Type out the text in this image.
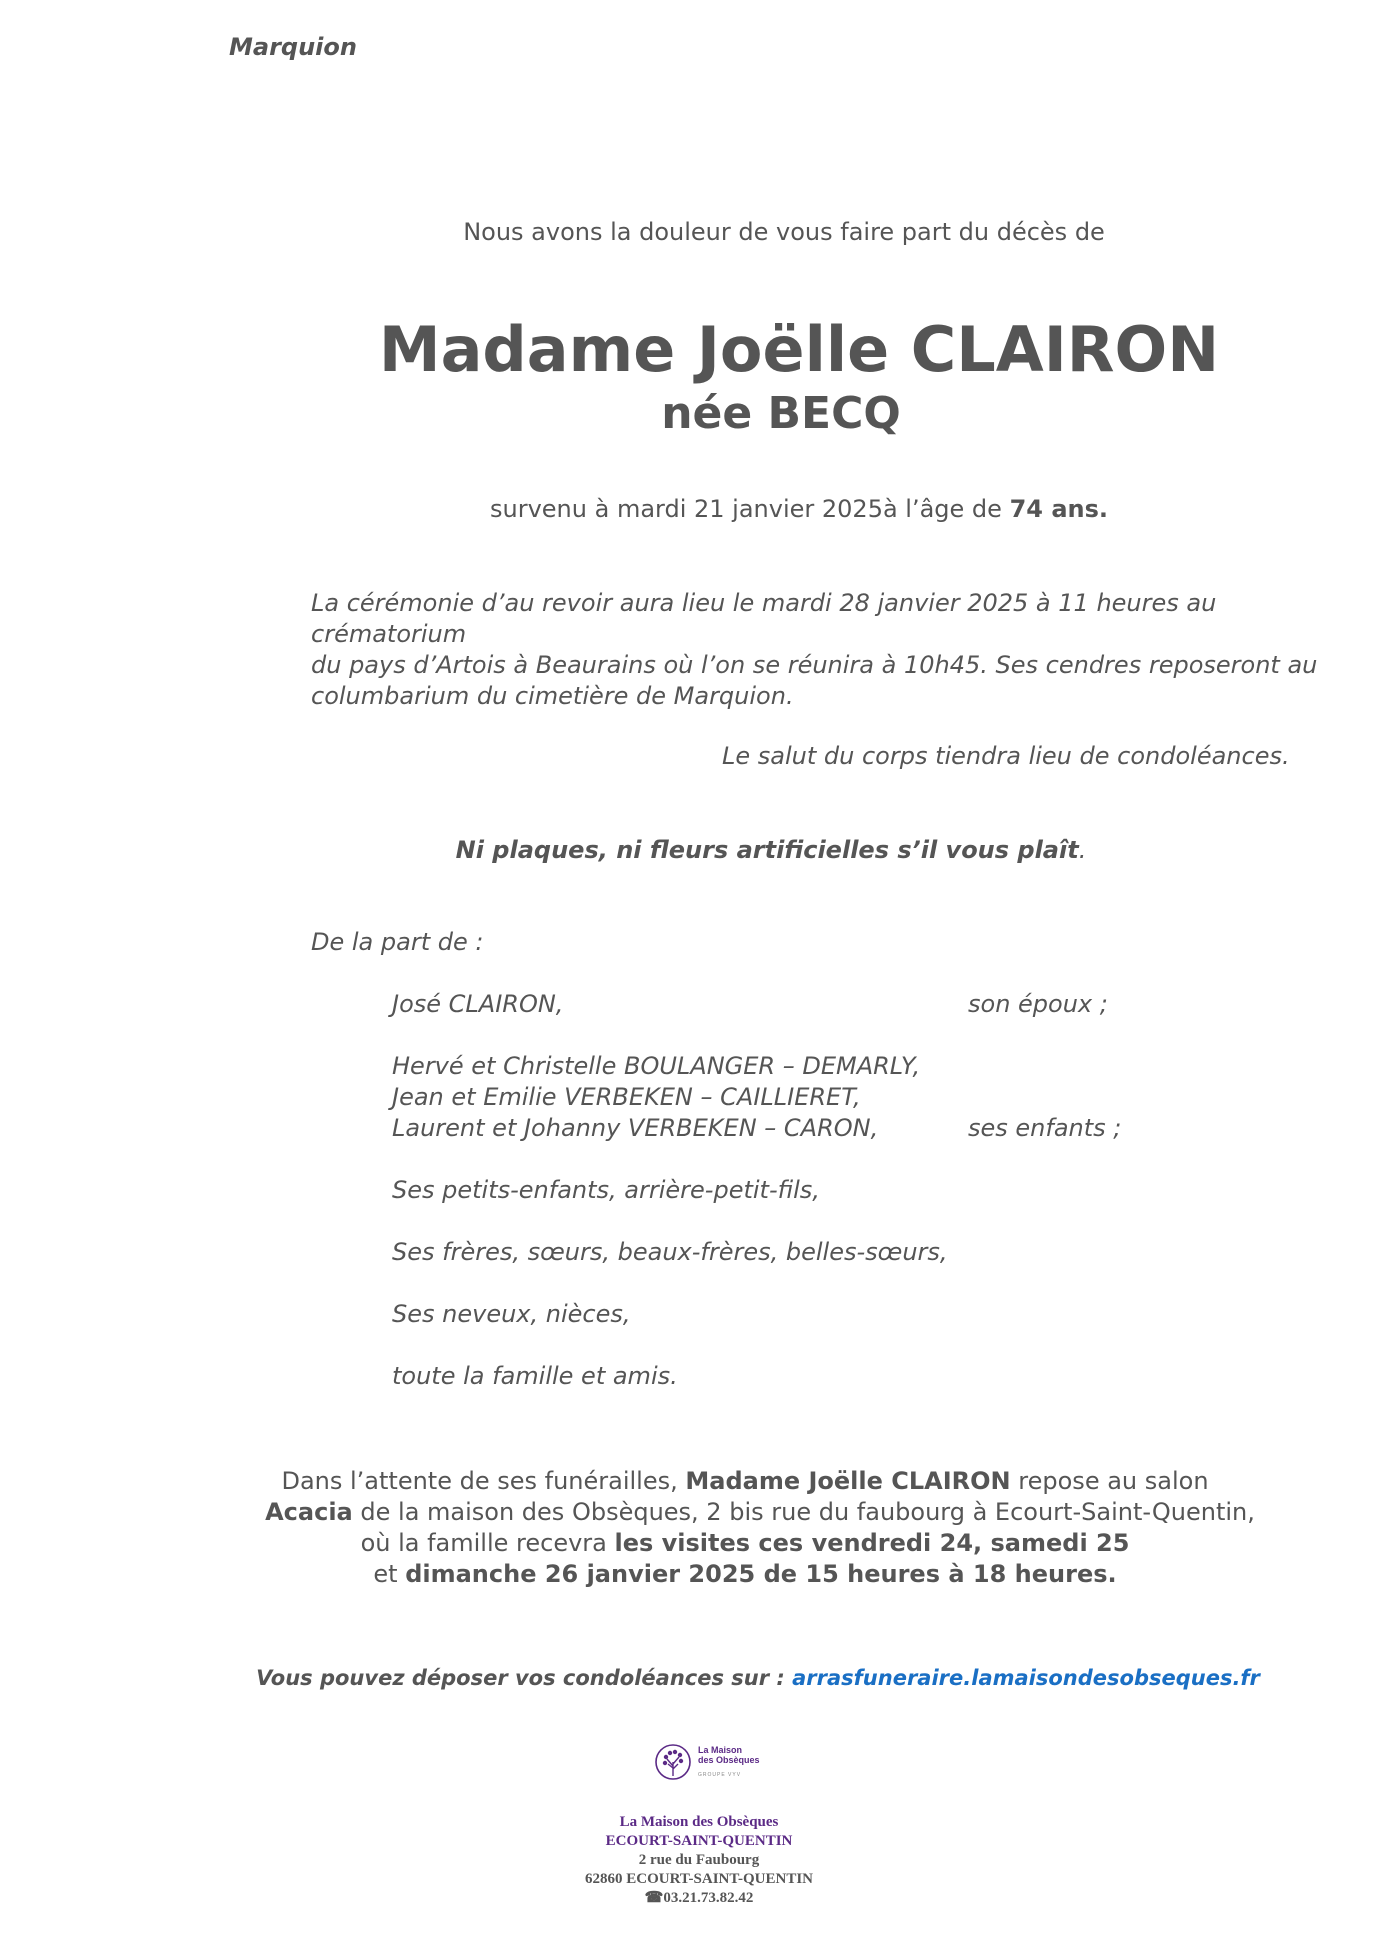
Marquion
Nous avons la douleur de vous faire part du décès de
Madame Joëlle CLAIRON
née BECQ
survenu à mardi 21 janvier 2025à l’âge de 74 ans.
La cérémonie d’au revoir aura lieu le mardi 28 janvier 2025 à 11 heures au crématorium
du pays d’Artois à Beaurains où l’on se réunira à 10h45. Ses cendres reposeront au
columbarium du cimetière de Marquion.
Le salut du corps tiendra lieu de condoléances.
Ni plaques, ni fleurs artificielles s’il vous plaît.
De la part de :
José CLAIRON,	son époux ;
Hervé et Christelle BOULANGER – DEMARLY,
Jean et Emilie VERBEKEN – CAILLIERET,
Laurent et Johanny VERBEKEN – CARON,	ses enfants ;
Ses petits-enfants, arrière-petit-fils,
Ses frères, sœurs, beaux-frères, belles-sœurs,
Ses neveux, nièces,
toute la famille et amis.
Dans l’attente de ses funérailles, Madame Joëlle CLAIRON repose au salon
Acacia de la maison des Obsèques, 2 bis rue du faubourg à Ecourt-Saint-Quentin,
où la famille recevra les visites ces vendredi 24, samedi 25
et dimanche 26 janvier 2025 de 15 heures à 18 heures.
Vous pouvez déposer vos condoléances sur : arrasfuneraire.lamaisondesobseques.fr
La Maison
des Obsèques
GROUPE VYV
La Maison des Obsèques
ECOURT-SAINT-QUENTIN
2 rue du Faubourg
62860 ECOURT-SAINT-QUENTIN
☎03.21.73.82.42
